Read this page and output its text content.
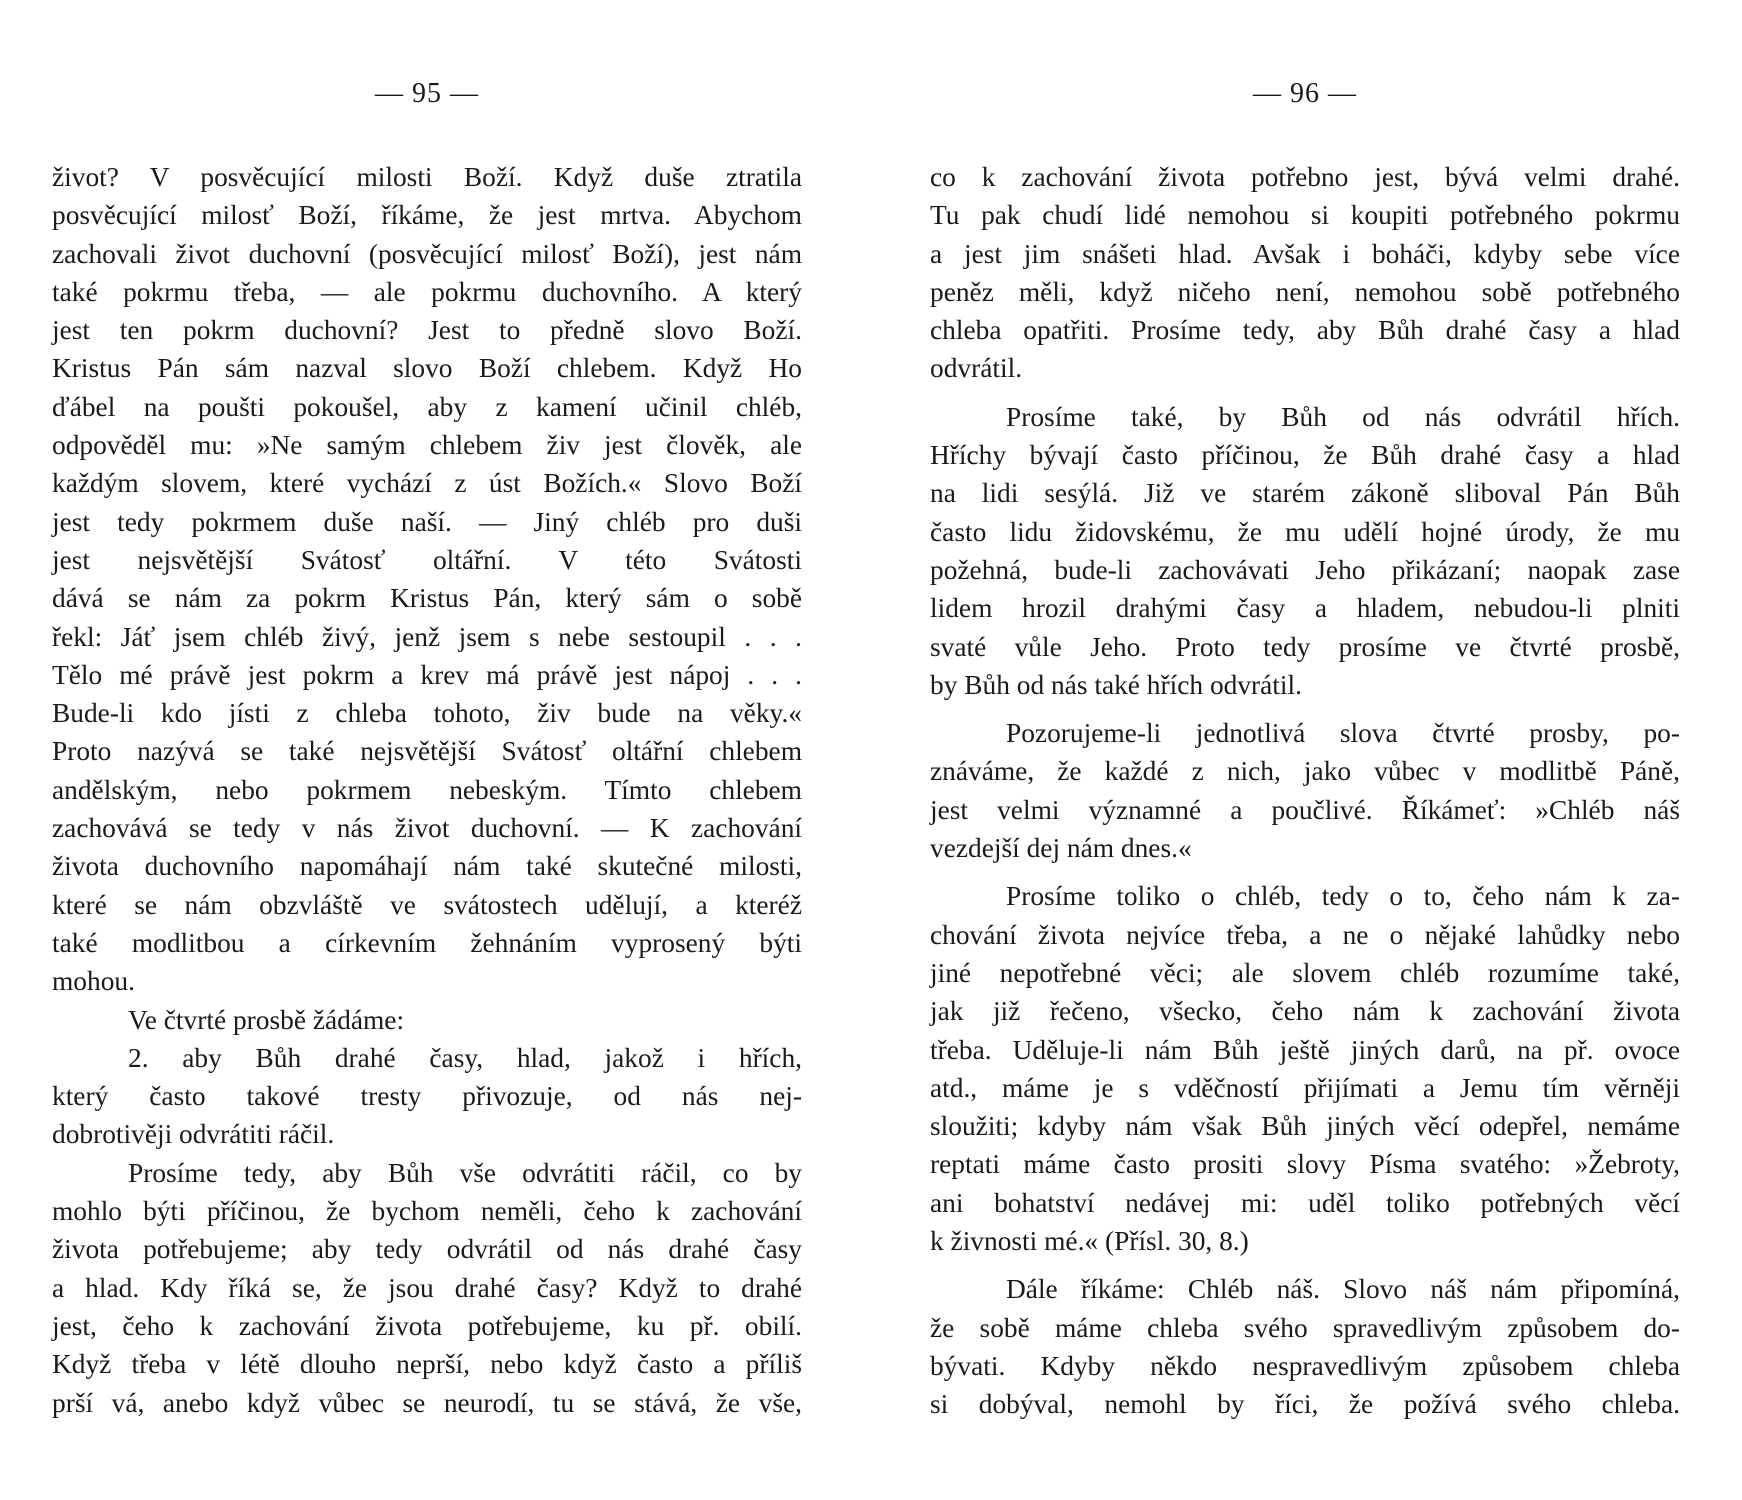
— 95 —
život? V posvěcující milosti Boží. Když duše ztratila
posvěcující milosť Boží, říkáme, že jest mrtva. Abychom
zachovali život duchovní (posvěcující milosť Boží), jest nám
také pokrmu třeba, — ale pokrmu duchovního. A který
jest ten pokrm duchovní? Jest to předně slovo Boží.
Kristus Pán sám nazval slovo Boží chlebem. Když Ho
ďábel na poušti pokoušel, aby z kamení učinil chléb,
odpověděl mu: »Ne samým chlebem živ jest člověk, ale
každým slovem, které vychází z úst Božích.« Slovo Boží
jest tedy pokrmem duše naší. — Jiný chléb pro duši
jest nejsvětější Svátosť oltářní. V této Svátosti
dává se nám za pokrm Kristus Pán, který sám o sobě
řekl: Jáť jsem chléb živý, jenž jsem s nebe sestoupil . . .
Tělo mé právě jest pokrm a krev má právě jest nápoj . . .
Bude-li kdo jísti z chleba tohoto, živ bude na věky.«
Proto nazývá se také nejsvětější Svátosť oltářní chlebem
andělským, nebo pokrmem nebeským. Tímto chlebem
zachovává se tedy v nás život duchovní. — K zachování
života duchovního napomáhají nám také skutečné milosti,
které se nám obzvláště ve svátostech udělují, a kteréž
také modlitbou a církevním žehnáním vyprosený býti
mohou.
Ve čtvrté prosbě žádáme:
2. aby Bůh drahé časy, hlad, jakož i hřích,
který často takové tresty přivozuje, od nás nej-
dobrotivěji odvrátiti ráčil.
Prosíme tedy, aby Bůh vše odvrátiti ráčil, co by
mohlo býti příčinou, že bychom neměli, čeho k zachování
života potřebujeme; aby tedy odvrátil od nás drahé časy
a hlad. Kdy říká se, že jsou drahé časy? Když to drahé
jest, čeho k zachování života potřebujeme, ku př. obilí.
Když třeba v létě dlouho neprší, nebo když často a příliš
prší vá, anebo když vůbec se neurodí, tu se stává, že vše,
— 96 —
co k zachování života potřebno jest, bývá velmi drahé.
Tu pak chudí lidé nemohou si koupiti potřebného pokrmu
a jest jim snášeti hlad. Avšak i boháči, kdyby sebe více
peněz měli, když ničeho není, nemohou sobě potřebného
chleba opatřiti. Prosíme tedy, aby Bůh drahé časy a hlad
odvrátil.
Prosíme také, by Bůh od nás odvrátil hřích.
Hříchy bývají často příčinou, že Bůh drahé časy a hlad
na lidi sesýlá. Již ve starém zákoně sliboval Pán Bůh
často lidu židovskému, že mu udělí hojné úrody, že mu
požehná, bude-li zachovávati Jeho přikázaní; naopak zase
lidem hrozil drahými časy a hladem, nebudou-li plniti
svaté vůle Jeho. Proto tedy prosíme ve čtvrté prosbě,
by Bůh od nás také hřích odvrátil.
Pozorujeme-li jednotlivá slova čtvrté prosby, po-
znáváme, že každé z nich, jako vůbec v modlitbě Páně,
jest velmi významné a poučlivé. Říkámeť: »Chléb náš
vezdejší dej nám dnes.«
Prosíme toliko o chléb, tedy o to, čeho nám k za-
chování života nejvíce třeba, a ne o nějaké lahůdky nebo
jiné nepotřebné věci; ale slovem chléb rozumíme také,
jak již řečeno, všecko, čeho nám k zachování života
třeba. Uděluje-li nám Bůh ještě jiných darů, na př. ovoce
atd., máme je s vděčností přijímati a Jemu tím věrněji
sloužiti; kdyby nám však Bůh jiných věcí odepřel, nemáme
reptati máme často prositi slovy Písma svatého: »Žebroty,
ani bohatství nedávej mi: uděl toliko potřebných věcí
k živnosti mé.« (Přísl. 30, 8.)
Dále říkáme: Chléb náš. Slovo náš nám připomíná,
že sobě máme chleba svého spravedlivým způsobem do-
bývati. Kdyby někdo nespravedlivým způsobem chleba
si dobýval, nemohl by říci, že požívá svého chleba.
